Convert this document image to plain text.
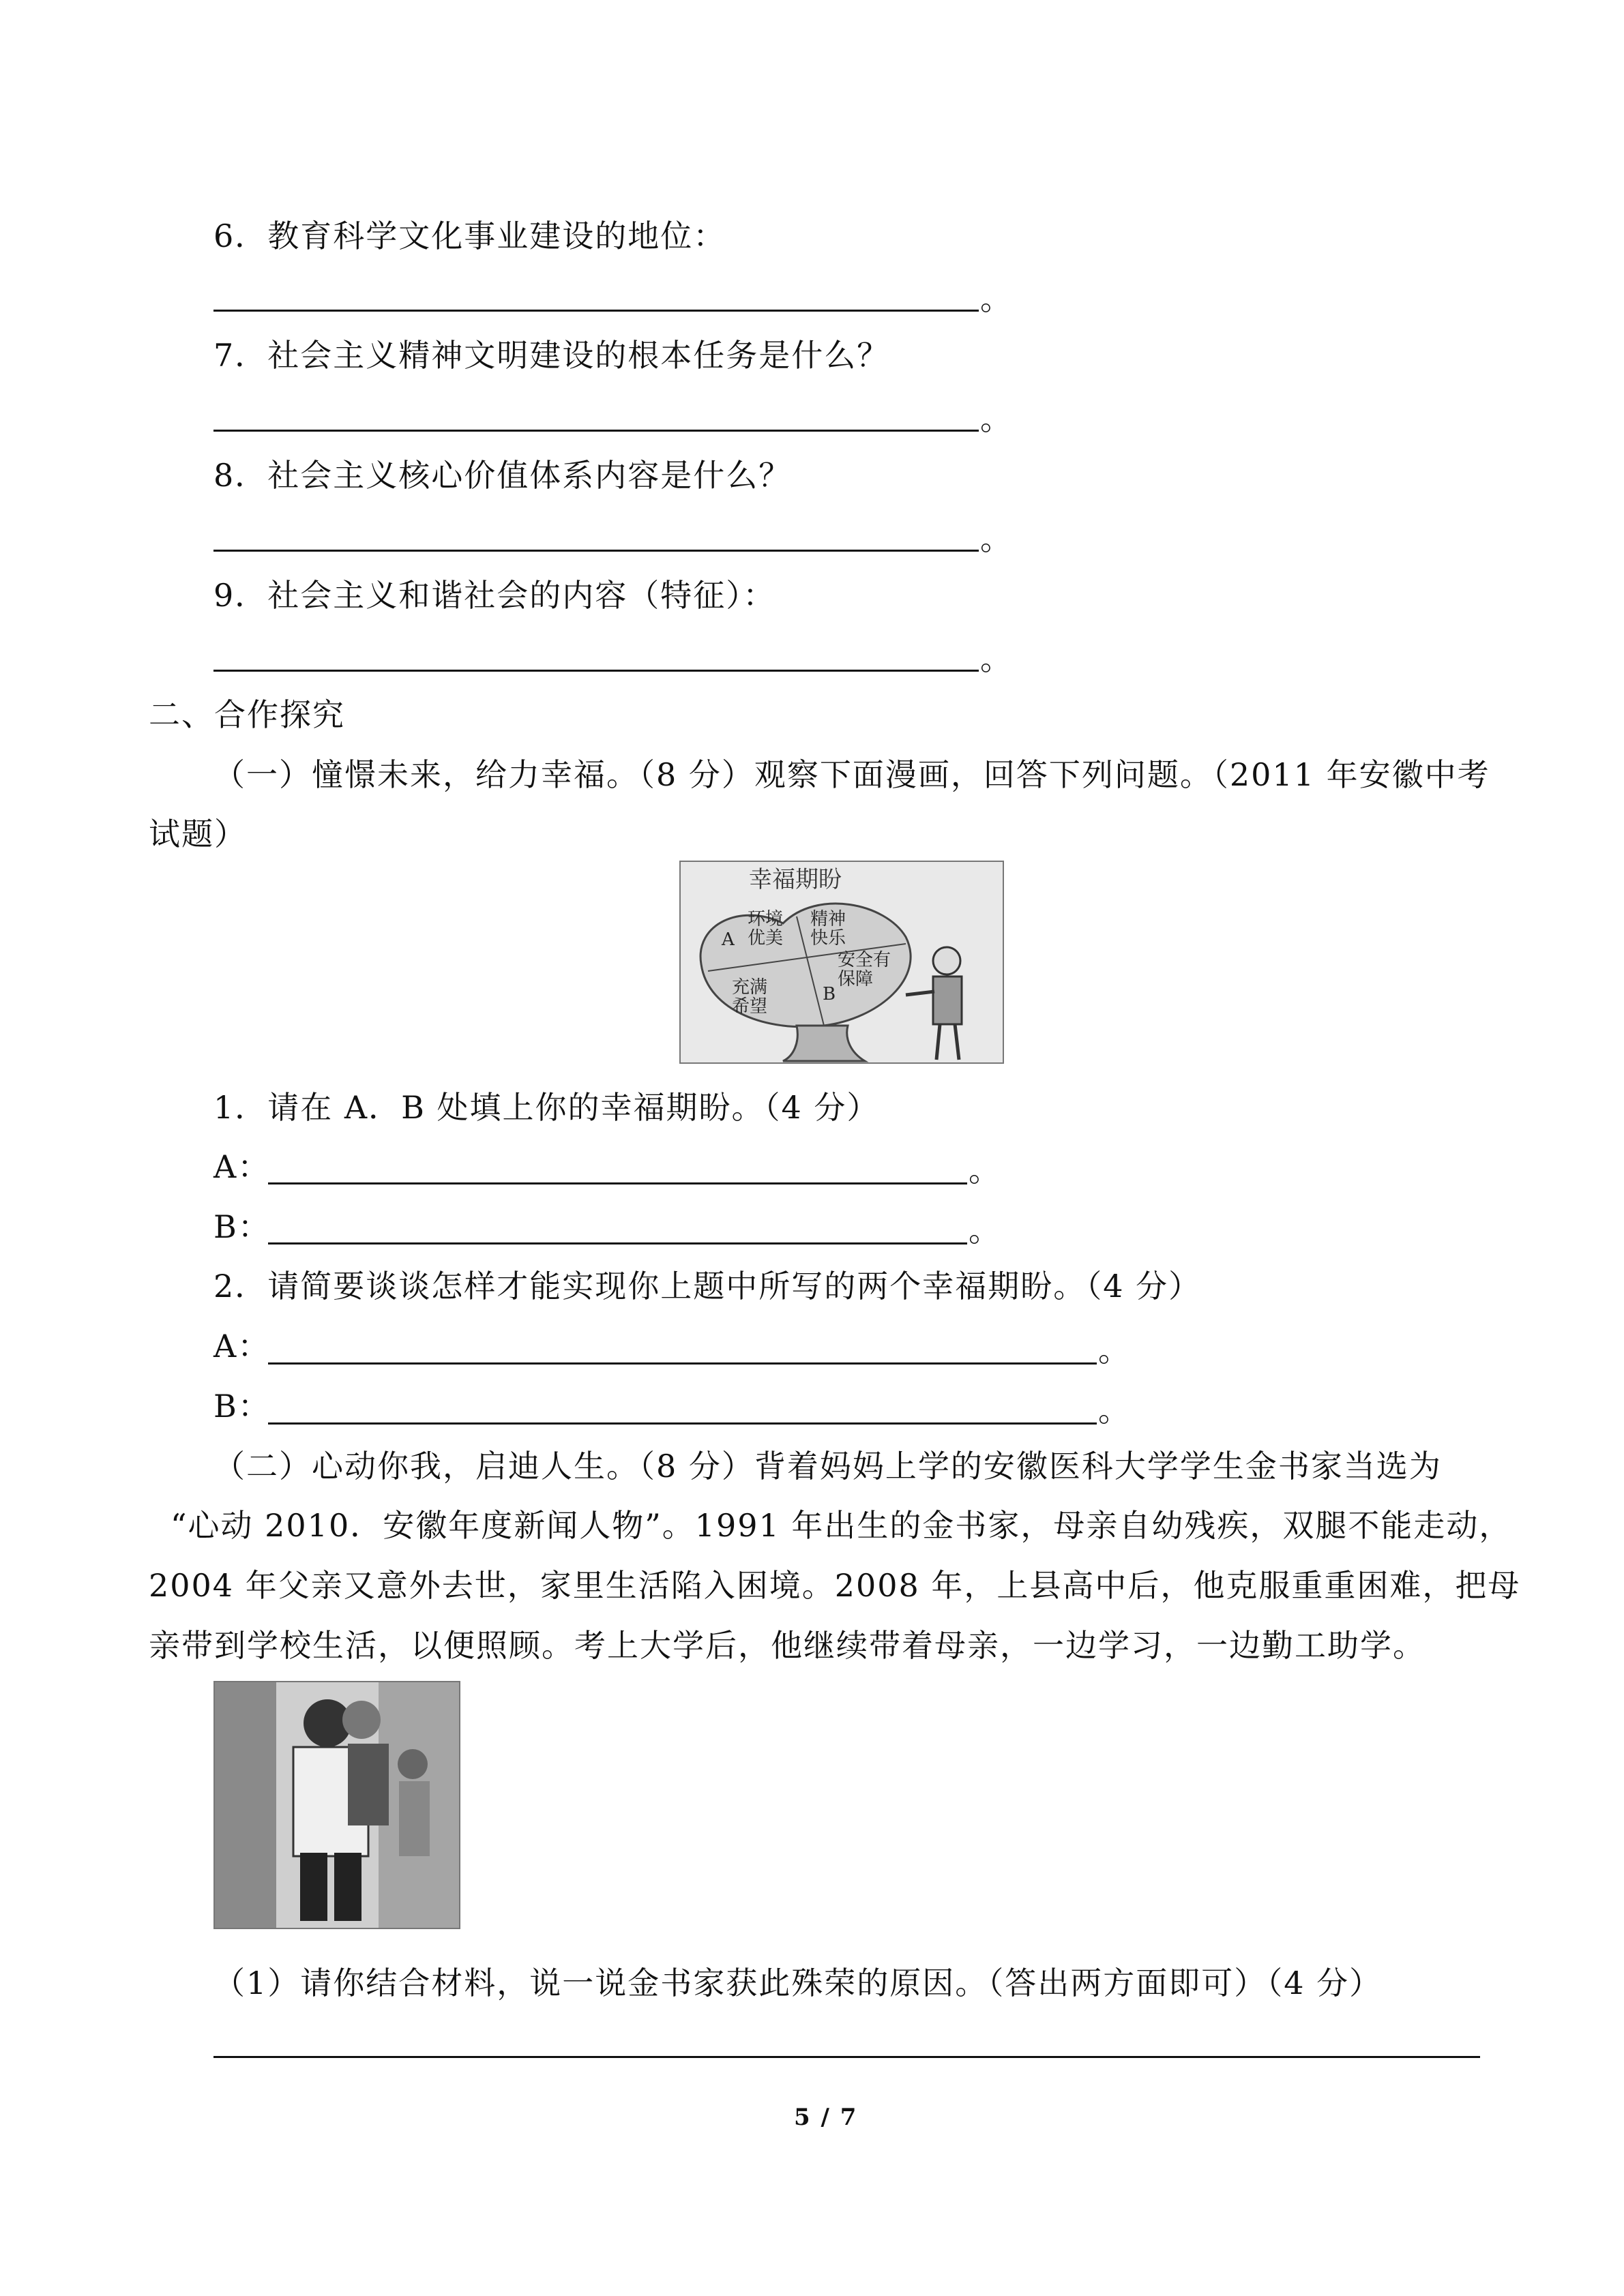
6．教育科学文化事业建设的地位：
。
7．社会主义精神文明建设的根本任务是什么？
。
8．社会主义核心价值体系内容是什么？
。
9．社会主义和谐社会的内容（特征）：
。
二、合作探究
（一）憧憬未来，给力幸福。（8 分）观察下面漫画，回答下列问题。（2011 年安徽中考
试题）
幸福期盼
环境优美
精神快乐
安全有保障
充满希望
A
B
1．请在 A．B 处填上你的幸福期盼。（4 分）
A：	。
B：	。
2．请简要谈谈怎样才能实现你上题中所写的两个幸福期盼。（4 分）
A：	。
B：	。
（二）心动你我，启迪人生。（8 分）背着妈妈上学的安徽医科大学学生金书家当选为
“心动 2010．安徽年度新闻人物”。1991 年出生的金书家，母亲自幼残疾，双腿不能走动，
2004 年父亲又意外去世，家里生活陷入困境。2008 年，上县高中后，他克服重重困难，把母
亲带到学校生活，以便照顾。考上大学后，他继续带着母亲，一边学习，一边勤工助学。
（1）请你结合材料，说一说金书家获此殊荣的原因。（答出两方面即可）（4 分）
5 / 7
